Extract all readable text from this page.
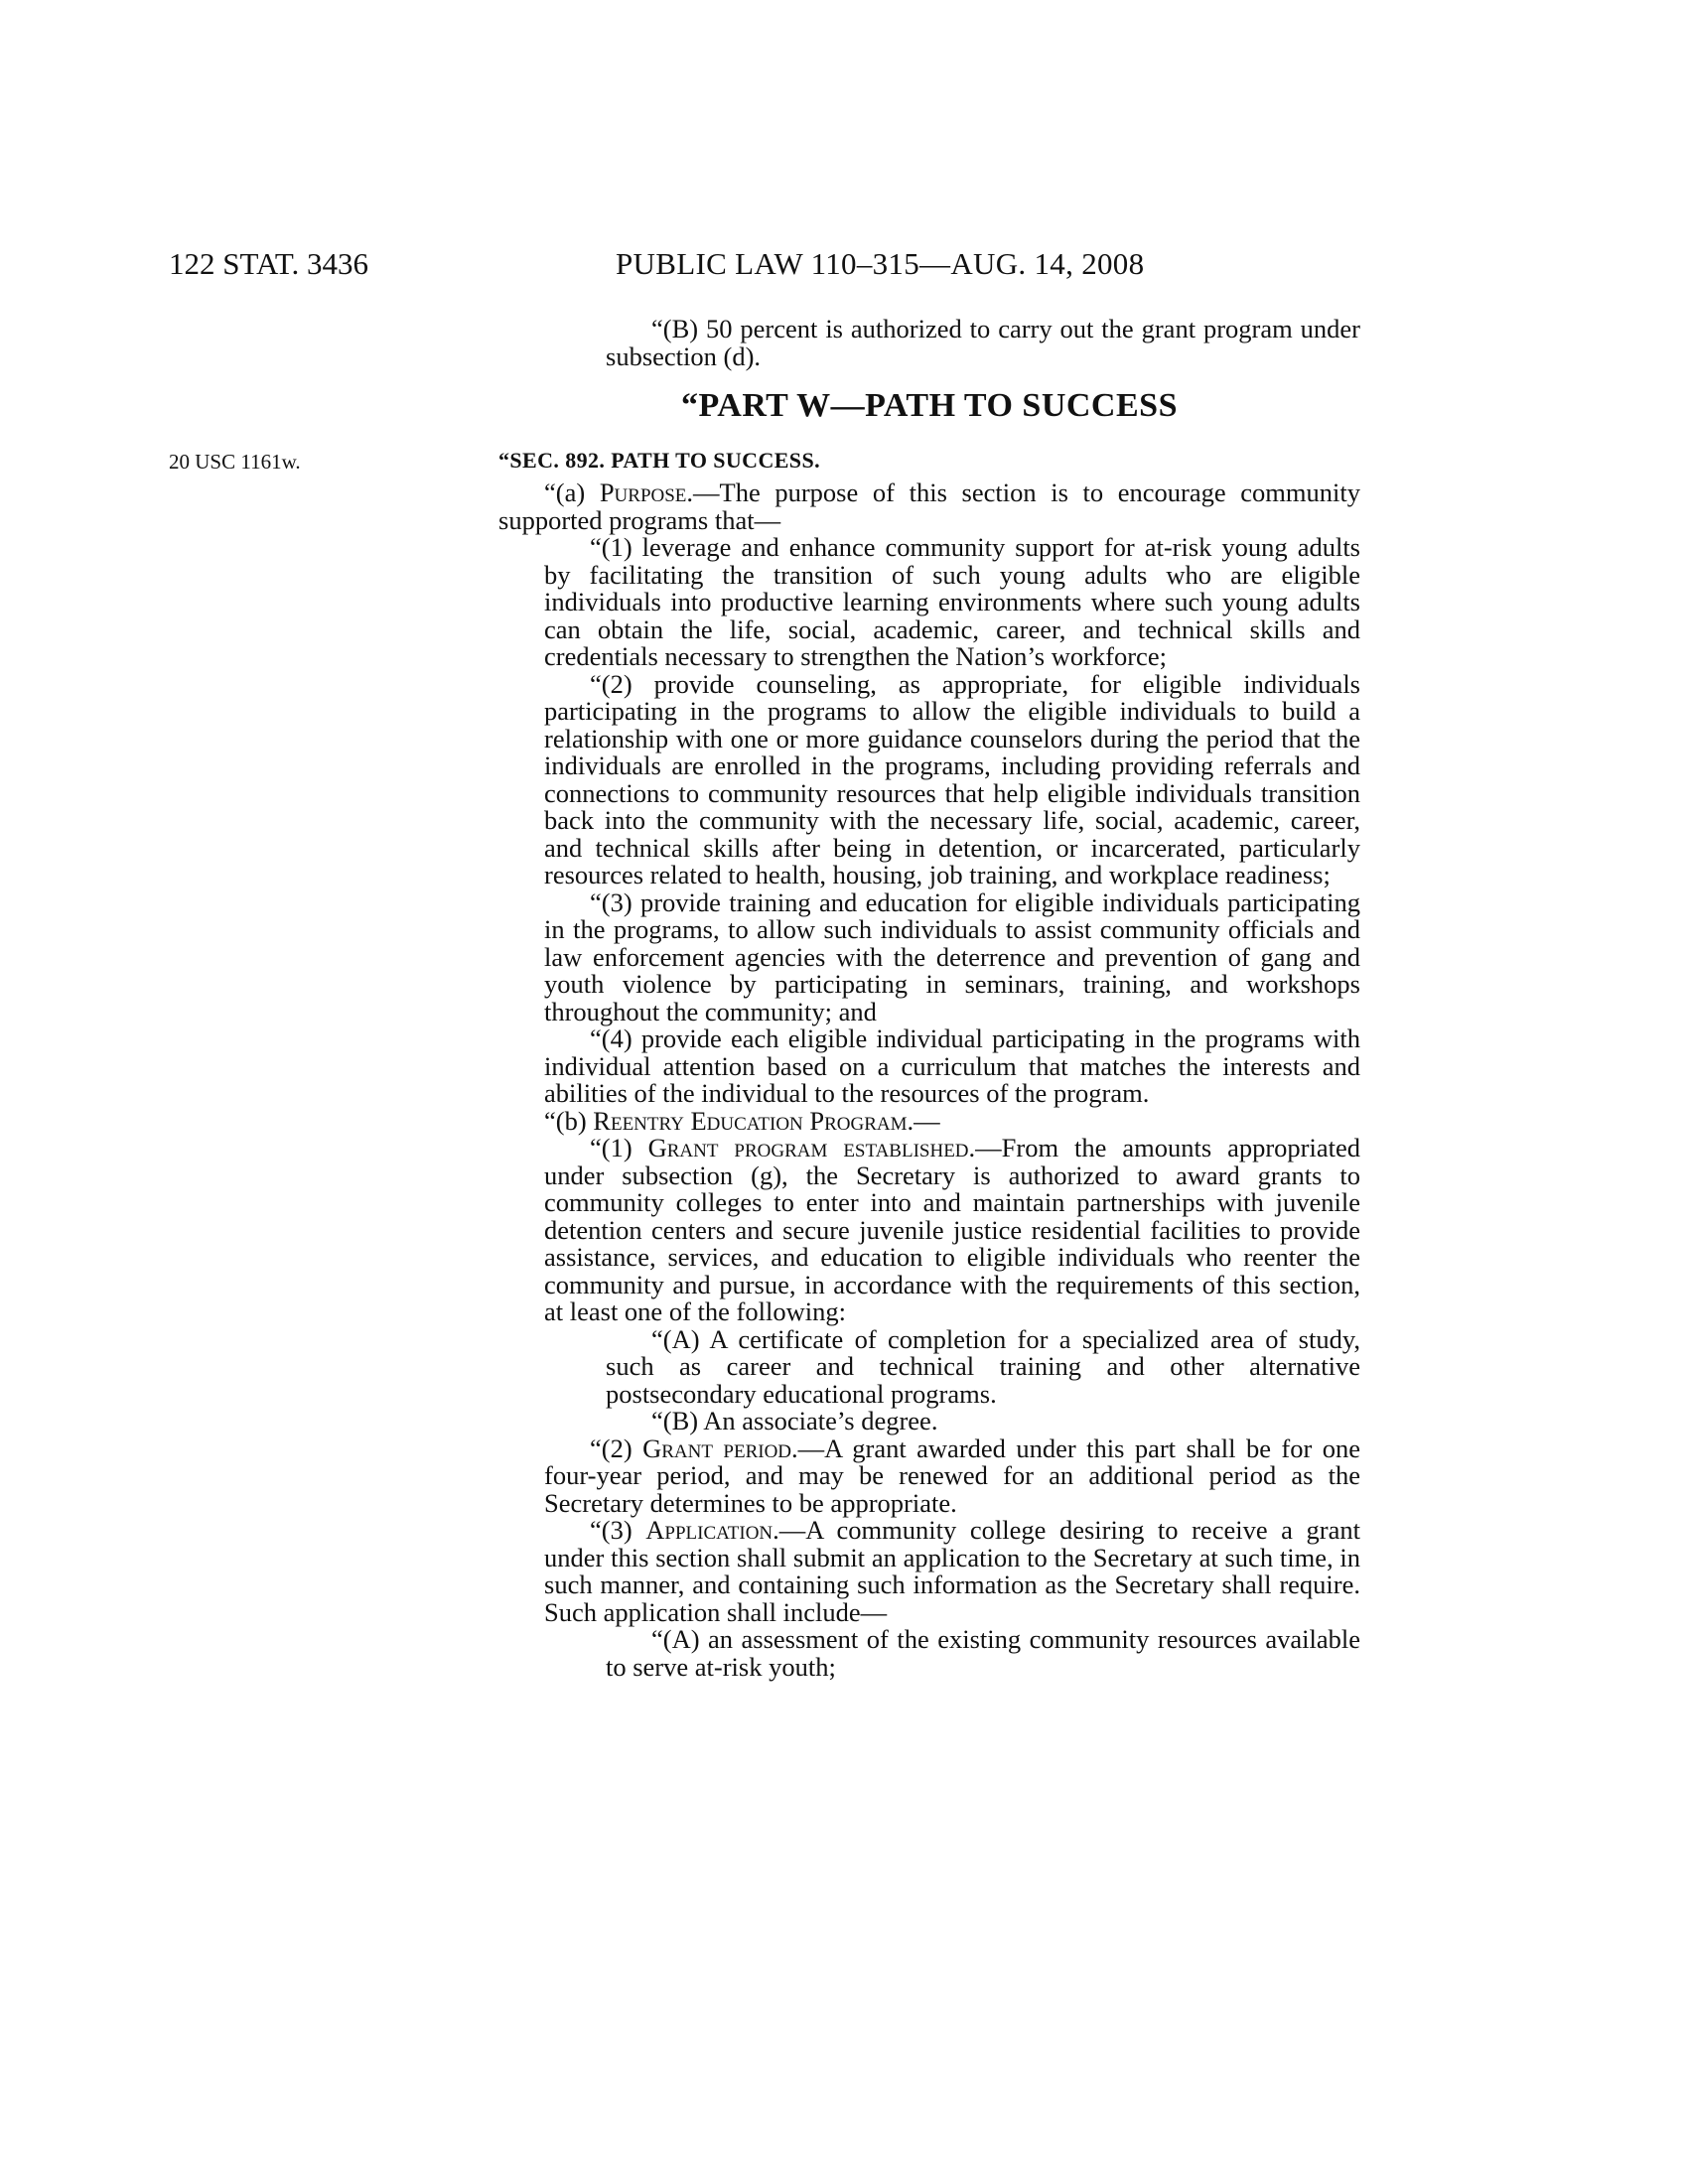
122 STAT. 3436	PUBLIC LAW 110–315—AUG. 14, 2008

“(B) 50 percent is authorized to carry out the grant program under subsection (d).

“PART W—PATH TO SUCCESS
20 USC 1161w.	“SEC. 892. PATH TO SUCCESS.

“(a) Purpose.—The purpose of this section is to encourage community supported programs that—

“(1) leverage and enhance community support for at-risk young adults by facilitating the transition of such young adults who are eligible individuals into productive learning environments where such young adults can obtain the life, social, academic, career, and technical skills and credentials necessary to strengthen the Nation’s workforce;

“(2) provide counseling, as appropriate, for eligible individuals participating in the programs to allow the eligible individuals to build a relationship with one or more guidance counselors during the period that the individuals are enrolled in the programs, including providing referrals and connections to community resources that help eligible individuals transition back into the community with the necessary life, social, academic, career, and technical skills after being in detention, or incarcerated, particularly resources related to health, housing, job training, and workplace readiness;

“(3) provide training and education for eligible individuals participating in the programs, to allow such individuals to assist community officials and law enforcement agencies with the deterrence and prevention of gang and youth violence by participating in seminars, training, and workshops throughout the community; and

“(4) provide each eligible individual participating in the programs with individual attention based on a curriculum that matches the interests and abilities of the individual to the resources of the program.

“(b) Reentry Education Program.—

“(1) Grant program established.—From the amounts appropriated under subsection (g), the Secretary is authorized to award grants to community colleges to enter into and maintain partnerships with juvenile detention centers and secure juvenile justice residential facilities to provide assistance, services, and education to eligible individuals who reenter the community and pursue, in accordance with the requirements of this section, at least one of the following:

“(A) A certificate of completion for a specialized area of study, such as career and technical training and other alternative postsecondary educational programs.

“(B) An associate’s degree.

“(2) Grant period.—A grant awarded under this part shall be for one four-year period, and may be renewed for an additional period as the Secretary determines to be appropriate.

“(3) Application.—A community college desiring to receive a grant under this section shall submit an application to the Secretary at such time, in such manner, and containing such information as the Secretary shall require. Such application shall include—

“(A) an assessment of the existing community resources available to serve at-risk youth;
